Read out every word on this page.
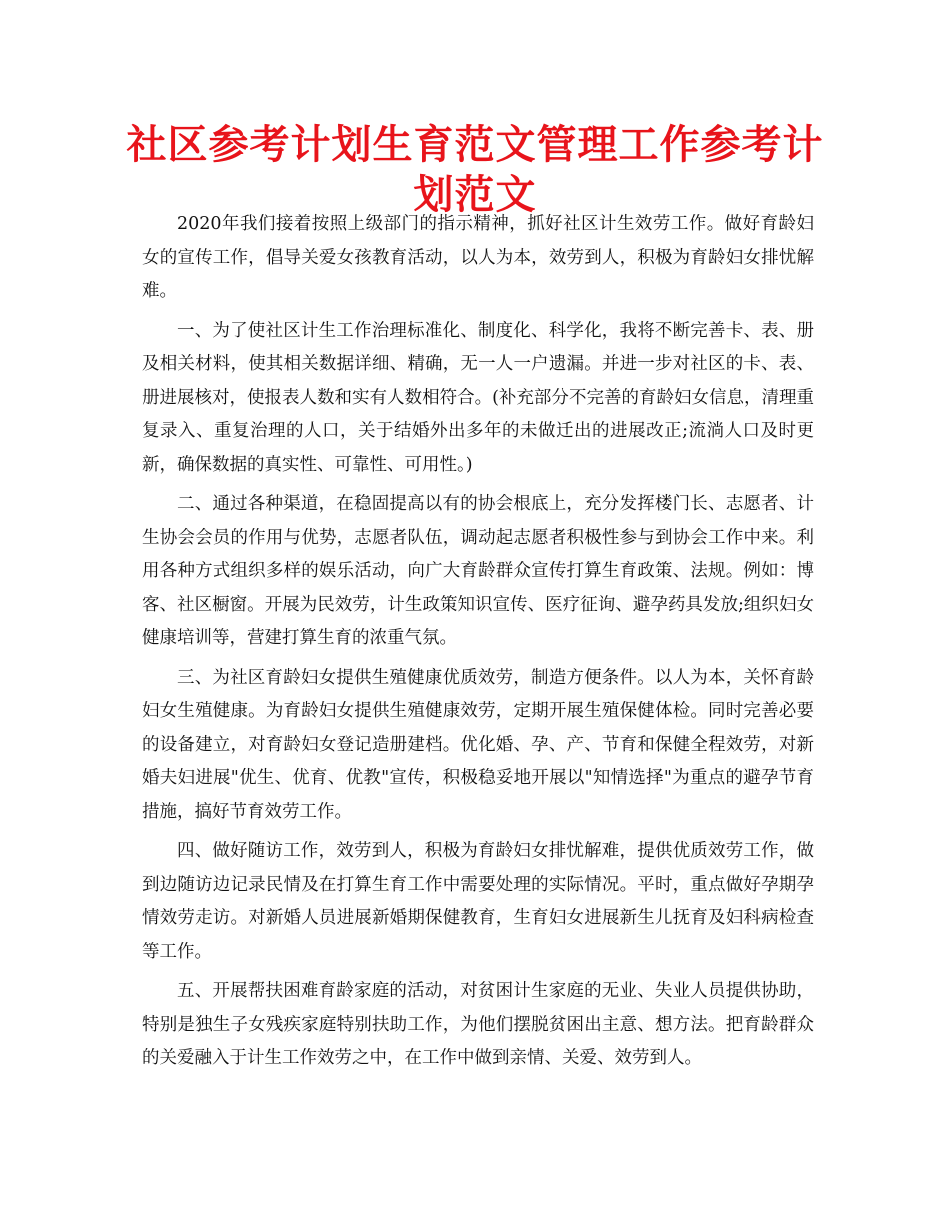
社区参考计划生育范文管理工作参考计划范文

2020年我们接着按照上级部门的指示精神，抓好社区计生效劳工作。做好育龄妇女的宣传工作，倡导关爱女孩教育活动，以人为本，效劳到人，积极为育龄妇女排忧解难。

一、为了使社区计生工作治理标准化、制度化、科学化，我将不断完善卡、表、册及相关材料，使其相关数据详细、精确，无一人一户遗漏。并进一步对社区的卡、表、册进展核对，使报表人数和实有人数相符合。(补充部分不完善的育龄妇女信息，清理重复录入、重复治理的人口，关于结婚外出多年的未做迁出的进展改正;流淌人口及时更新，确保数据的真实性、可靠性、可用性。)

二、通过各种渠道，在稳固提高以有的协会根底上，充分发挥楼门长、志愿者、计生协会会员的作用与优势，志愿者队伍，调动起志愿者积极性参与到协会工作中来。利用各种方式组织多样的娱乐活动，向广大育龄群众宣传打算生育政策、法规。例如：博客、社区橱窗。开展为民效劳，计生政策知识宣传、医疗征询、避孕药具发放;组织妇女健康培训等，营建打算生育的浓重气氛。

三、为社区育龄妇女提供生殖健康优质效劳，制造方便条件。以人为本，关怀育龄妇女生殖健康。为育龄妇女提供生殖健康效劳，定期开展生殖保健体检。同时完善必要的设备建立，对育龄妇女登记造册建档。优化婚、孕、产、节育和保健全程效劳，对新婚夫妇进展"优生、优育、优教"宣传，积极稳妥地开展以"知情选择"为重点的避孕节育措施，搞好节育效劳工作。

四、做好随访工作，效劳到人，积极为育龄妇女排忧解难，提供优质效劳工作，做到边随访边记录民情及在打算生育工作中需要处理的实际情况。平时，重点做好孕期孕情效劳走访。对新婚人员进展新婚期保健教育，生育妇女进展新生儿抚育及妇科病检查等工作。

五、开展帮扶困难育龄家庭的活动，对贫困计生家庭的无业、失业人员提供协助，特别是独生子女残疾家庭特别扶助工作，为他们摆脱贫困出主意、想方法。把育龄群众的关爱融入于计生工作效劳之中，在工作中做到亲情、关爱、效劳到人。
